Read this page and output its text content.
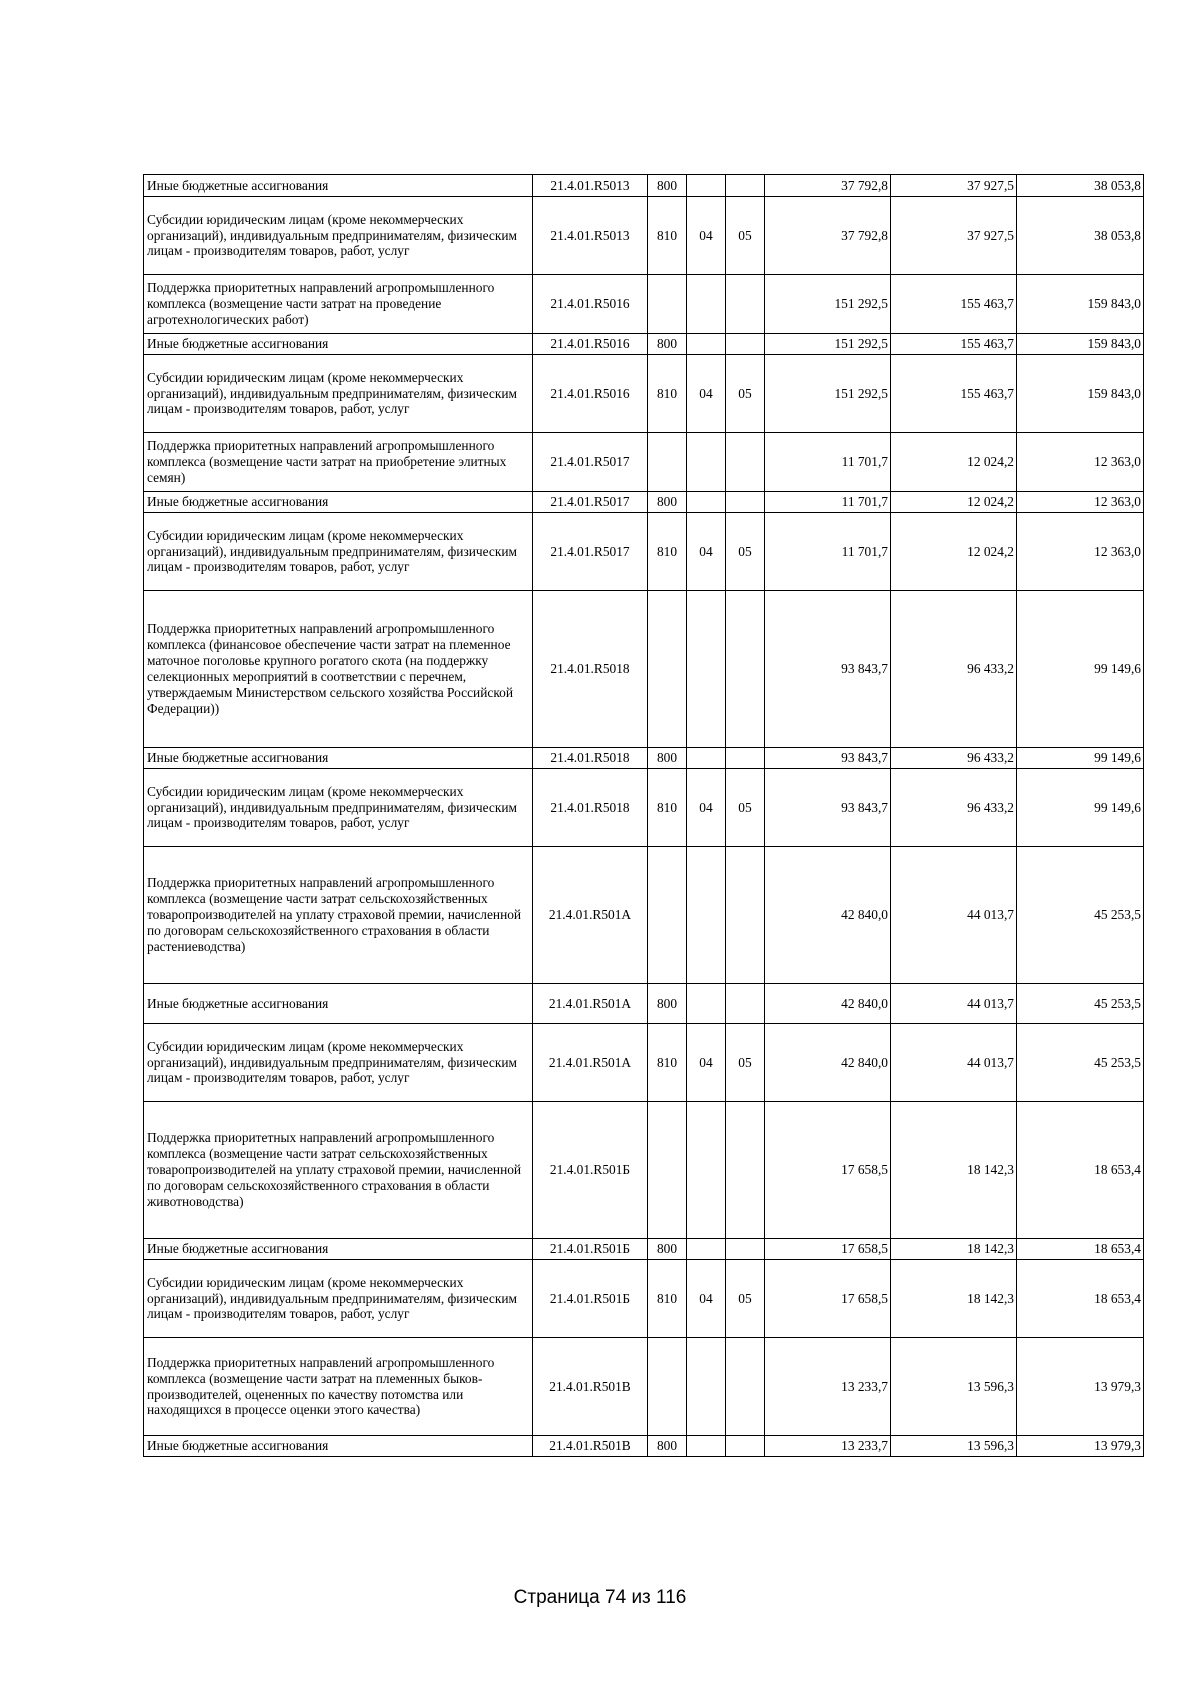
Иные бюджетные ассигнования	21.4.01.R5013	800			37 792,8	37 927,5	38 053,8
Субсидии юридическим лицам (кроме некоммерческих организаций), индивидуальным предпринимателям, физическим лицам - производителям товаров, работ, услуг	21.4.01.R5013	810	04	05	37 792,8	37 927,5	38 053,8
Поддержка приоритетных направлений агропромышленного комплекса (возмещение части затрат на проведение агротехнологических работ)	21.4.01.R5016				151 292,5	155 463,7	159 843,0
Иные бюджетные ассигнования	21.4.01.R5016	800			151 292,5	155 463,7	159 843,0
Субсидии юридическим лицам (кроме некоммерческих организаций), индивидуальным предпринимателям, физическим лицам - производителям товаров, работ, услуг	21.4.01.R5016	810	04	05	151 292,5	155 463,7	159 843,0
Поддержка приоритетных направлений агропромышленного комплекса (возмещение части затрат на приобретение элитных семян)	21.4.01.R5017				11 701,7	12 024,2	12 363,0
Иные бюджетные ассигнования	21.4.01.R5017	800			11 701,7	12 024,2	12 363,0
Субсидии юридическим лицам (кроме некоммерческих организаций), индивидуальным предпринимателям, физическим лицам - производителям товаров, работ, услуг	21.4.01.R5017	810	04	05	11 701,7	12 024,2	12 363,0
Поддержка приоритетных направлений агропромышленного комплекса (финансовое обеспечение части затрат на племенное маточное поголовье крупного рогатого скота (на поддержку селекционных мероприятий в соответствии с перечнем, утверждаемым Министерством сельского хозяйства Российской Федерации))	21.4.01.R5018				93 843,7	96 433,2	99 149,6
Иные бюджетные ассигнования	21.4.01.R5018	800			93 843,7	96 433,2	99 149,6
Субсидии юридическим лицам (кроме некоммерческих организаций), индивидуальным предпринимателям, физическим лицам - производителям товаров, работ, услуг	21.4.01.R5018	810	04	05	93 843,7	96 433,2	99 149,6
Поддержка приоритетных направлений агропромышленного комплекса (возмещение части затрат сельскохозяйственных товаропроизводителей на уплату страховой премии, начисленной по договорам сельскохозяйственного страхования в области растениеводства)	21.4.01.R501А				42 840,0	44 013,7	45 253,5
Иные бюджетные ассигнования	21.4.01.R501А	800			42 840,0	44 013,7	45 253,5
Субсидии юридическим лицам (кроме некоммерческих организаций), индивидуальным предпринимателям, физическим лицам - производителям товаров, работ, услуг	21.4.01.R501А	810	04	05	42 840,0	44 013,7	45 253,5
Поддержка приоритетных направлений агропромышленного комплекса (возмещение части затрат сельскохозяйственных товаропроизводителей на уплату страховой премии, начисленной по договорам сельскохозяйственного страхования в области животноводства)	21.4.01.R501Б				17 658,5	18 142,3	18 653,4
Иные бюджетные ассигнования	21.4.01.R501Б	800			17 658,5	18 142,3	18 653,4
Субсидии юридическим лицам (кроме некоммерческих организаций), индивидуальным предпринимателям, физическим лицам - производителям товаров, работ, услуг	21.4.01.R501Б	810	04	05	17 658,5	18 142,3	18 653,4
Поддержка приоритетных направлений агропромышленного комплекса (возмещение части затрат на племенных быков- производителей, оцененных по качеству потомства или находящихся в процессе оценки этого качества)	21.4.01.R501В				13 233,7	13 596,3	13 979,3
Иные бюджетные ассигнования	21.4.01.R501В	800			13 233,7	13 596,3	13 979,3
Страница 74 из 116
